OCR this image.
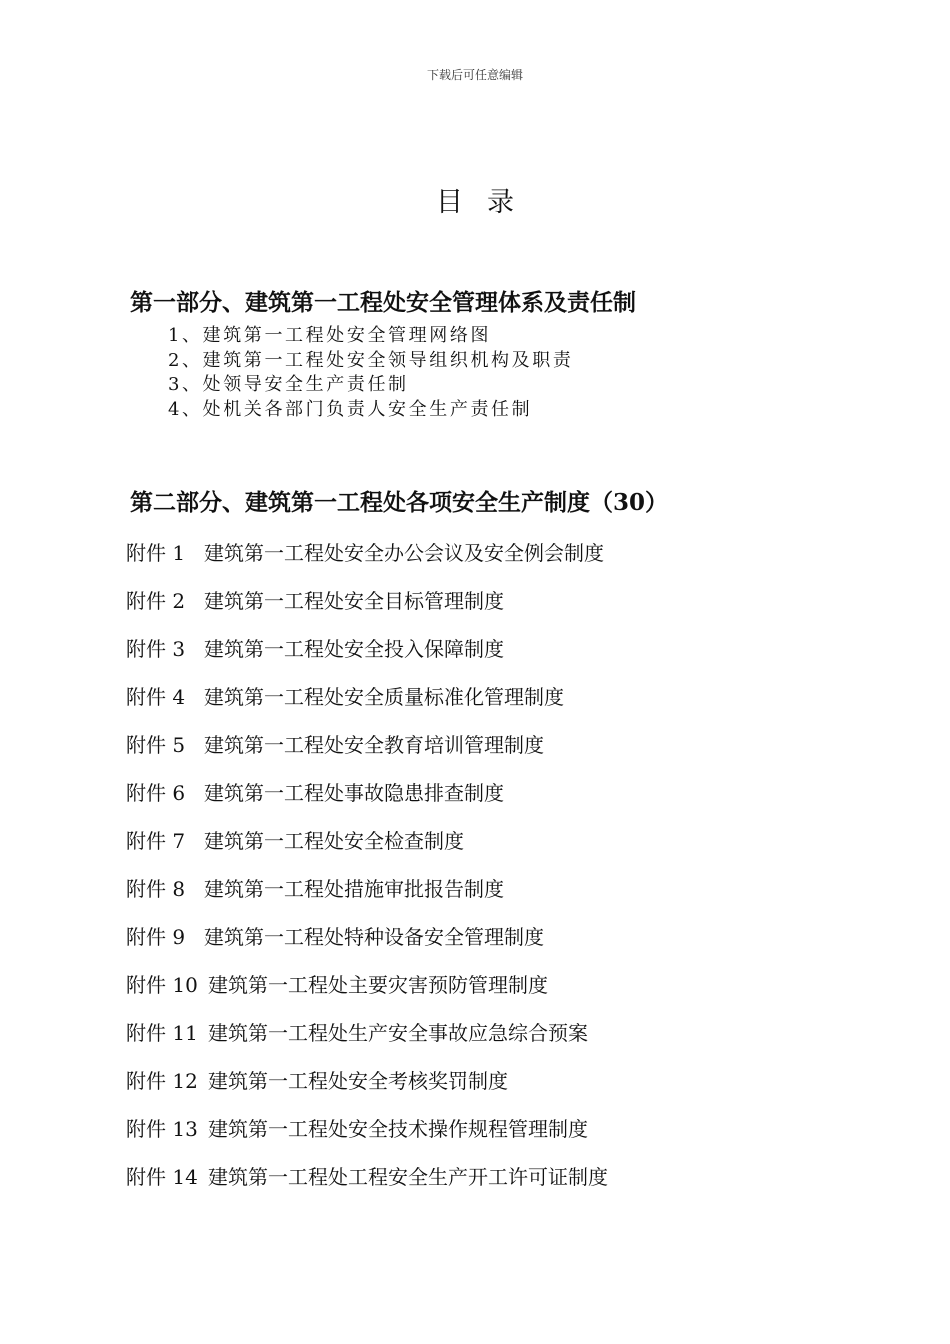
下载后可任意编辑
目录
第一部分、建筑第一工程处安全管理体系及责任制
1、建筑第一工程处安全管理网络图
2、建筑第一工程处安全领导组织机构及职责
3、处领导安全生产责任制
4、处机关各部门负责人安全生产责任制
第二部分、建筑第一工程处各项安全生产制度（30）
附件 1 建筑第一工程处安全办公会议及安全例会制度
附件 2 建筑第一工程处安全目标管理制度
附件 3 建筑第一工程处安全投入保障制度
附件 4 建筑第一工程处安全质量标准化管理制度
附件 5 建筑第一工程处安全教育培训管理制度
附件 6 建筑第一工程处事故隐患排查制度
附件 7 建筑第一工程处安全检查制度
附件 8 建筑第一工程处措施审批报告制度
附件 9 建筑第一工程处特种设备安全管理制度
附件 10 建筑第一工程处主要灾害预防管理制度
附件 11 建筑第一工程处生产安全事故应急综合预案
附件 12 建筑第一工程处安全考核奖罚制度
附件 13 建筑第一工程处安全技术操作规程管理制度
附件 14 建筑第一工程处工程安全生产开工许可证制度
